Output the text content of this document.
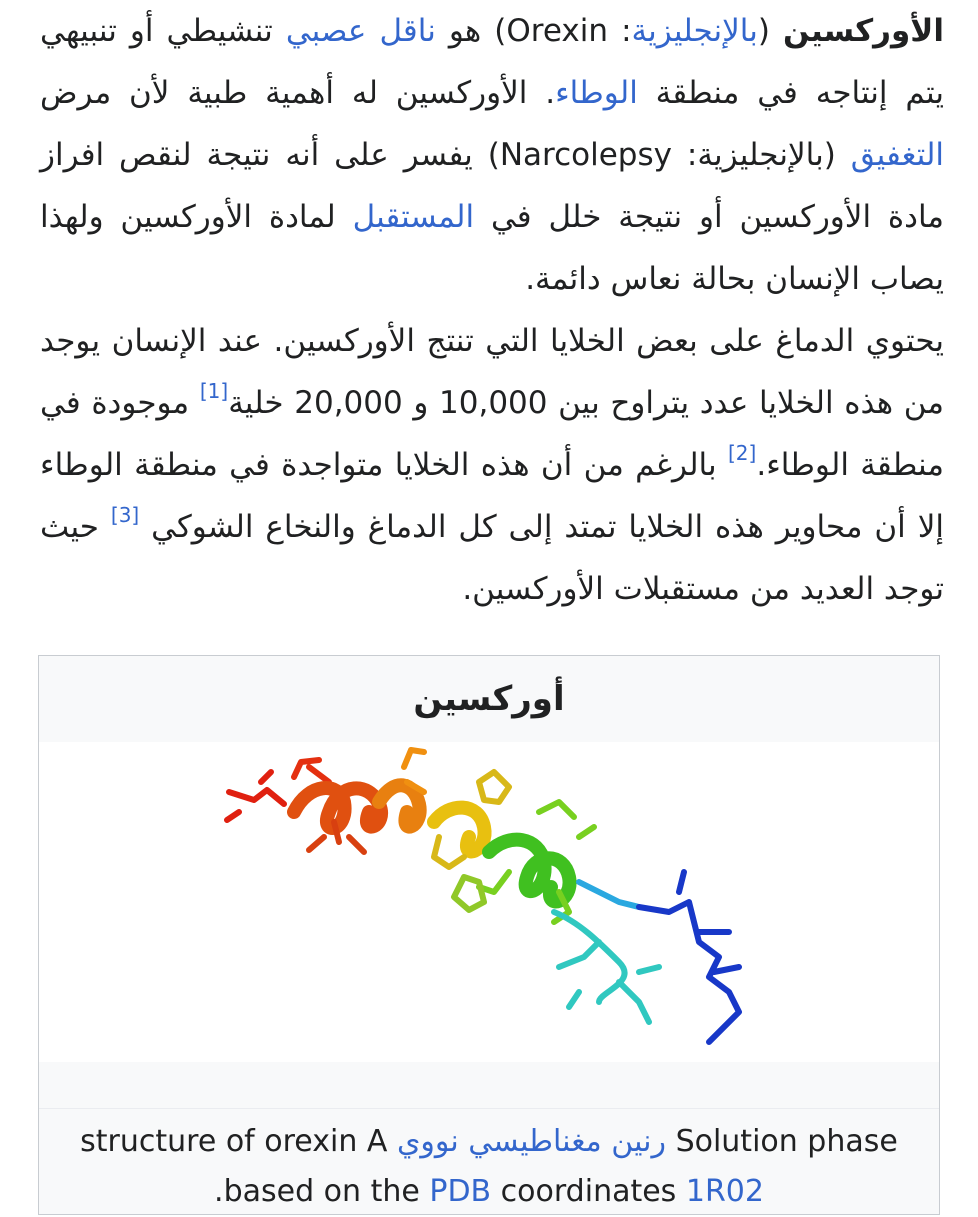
الأوركسين (بالإنجليزية: Orexin) هو ناقل عصبي تنشيطي أو تنبيهي يتم إنتاجه في منطقة الوطاء. الأوركسين له أهمية طبية لأن مرض التغفيق (بالإنجليزية: Narcolepsy) يفسر على أنه نتيجة لنقص افراز مادة الأوركسين أو نتيجة خلل في المستقبل لمادة الأوركسين ولهذا يصاب الإنسان بحالة نعاس دائمة.

يحتوي الدماغ على بعض الخلايا التي تنتج الأوركسين. عند الإنسان يوجد من هذه الخلايا عدد يتراوح بين 10,000 و 20,000 خلية[1] موجودة في منطقة الوطاء.[2] بالرغم من أن هذه الخلايا متواجدة في منطقة الوطاء إلا أن محاوير هذه الخلايا تمتد إلى كل الدماغ والنخاع الشوكي [3] حيث توجد العديد من مستقبلات الأوركسين.

أوركسين
Solution phase رنين مغناطيسي نووي structure of orexin A based on the PDB coordinates 1R02.
